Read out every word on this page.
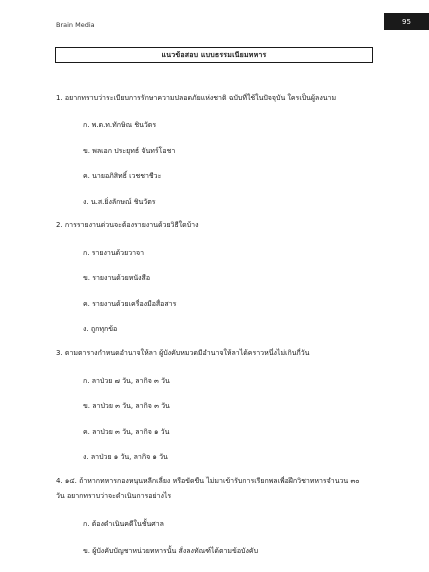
Brain Media	95
แนวข้อสอบ แบบธรรมเนียมทหาร
1. อยากทราบว่าระเบียบการรักษาความปลอดภัยแห่งชาติ ฉบับที่ใช้ในปัจจุบัน ใครเป็นผู้ลงนาม
ก. พ.ต.ท.ทักษิณ ชินวัตร
ข. พลเอก ประยุทธ์ จันทร์โอชา
ค. นายอภิสิทธิ์ เวชชาชีวะ
ง. น.ส.ยิ่งลักษณ์ ชินวัตร
2. การรายงานด่วนจะต้องรายงานด้วยวิธีใดบ้าง
ก. รายงานด้วยวาจา
ข. รายงานด้วยหนังสือ
ค. รายงานด้วยเครื่องมือสื่อสาร
ง. ถูกทุกข้อ
3. ตามตารางกำหนดอำนาจให้ลา ผู้บังคับหมวดมีอำนาจให้ลาได้คราวหนึ่งไม่เกินกี่วัน
ก. ลาป่วย ๗ วัน, ลากิจ ๓ วัน
ข. ลาป่วย ๓ วัน, ลากิจ ๓ วัน
ค. ลาป่วย ๓ วัน, ลากิจ ๑ วัน
ง. ลาป่วย ๑ วัน, ลากิจ ๑ วัน
4. ๑๔. ถ้าหากทหารกองหนุนหลีกเลี่ยง หรือขัดขืน ไม่มาเข้ารับการเรียกพลเพื่อฝึกวิชาทหารจำนวน ๓๐
วัน อยากทราบว่าจะดำเนินการอย่างไร
ก. ต้องดำเนินคดีในชั้นศาล
ข. ผู้บังคับบัญชาหน่วยทหารนั้น สั่งลงทัณฑ์ได้ตามข้อบังคับ
